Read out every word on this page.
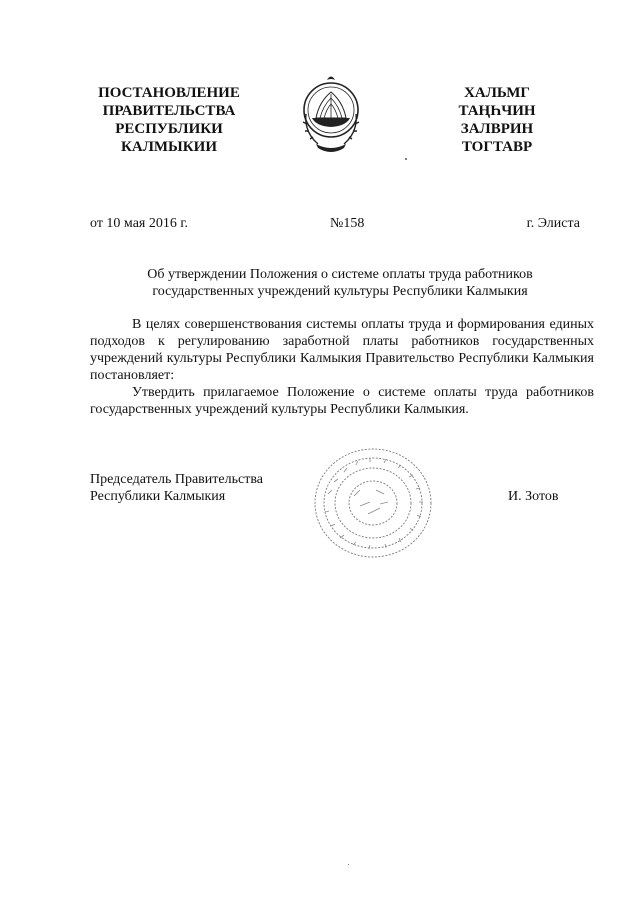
ПОСТАНОВЛЕНИЕ
ПРАВИТЕЛЬСТВА
РЕСПУБЛИКИ
КАЛМЫКИИ
ХАЛЬМГ
ТАҢҺЧИН
ЗАЛВРИН
ТОГТАВР
от 10 мая 2016 г.	№158	г. Элиста
Об утверждении Положения о системе оплаты труда работников
государственных учреждений культуры Республики Калмыкия

В целях совершенствования системы оплаты труда и формирования единых подходов к регулированию заработной платы работников государственных учреждений культуры Республики Калмыкия Правительство Республики Калмыкия постановляет:

Утвердить прилагаемое Положение о системе оплаты труда работников государственных учреждений культуры Республики Калмыкия.

Председатель Правительства
Республики Калмыкия	И. Зотов
